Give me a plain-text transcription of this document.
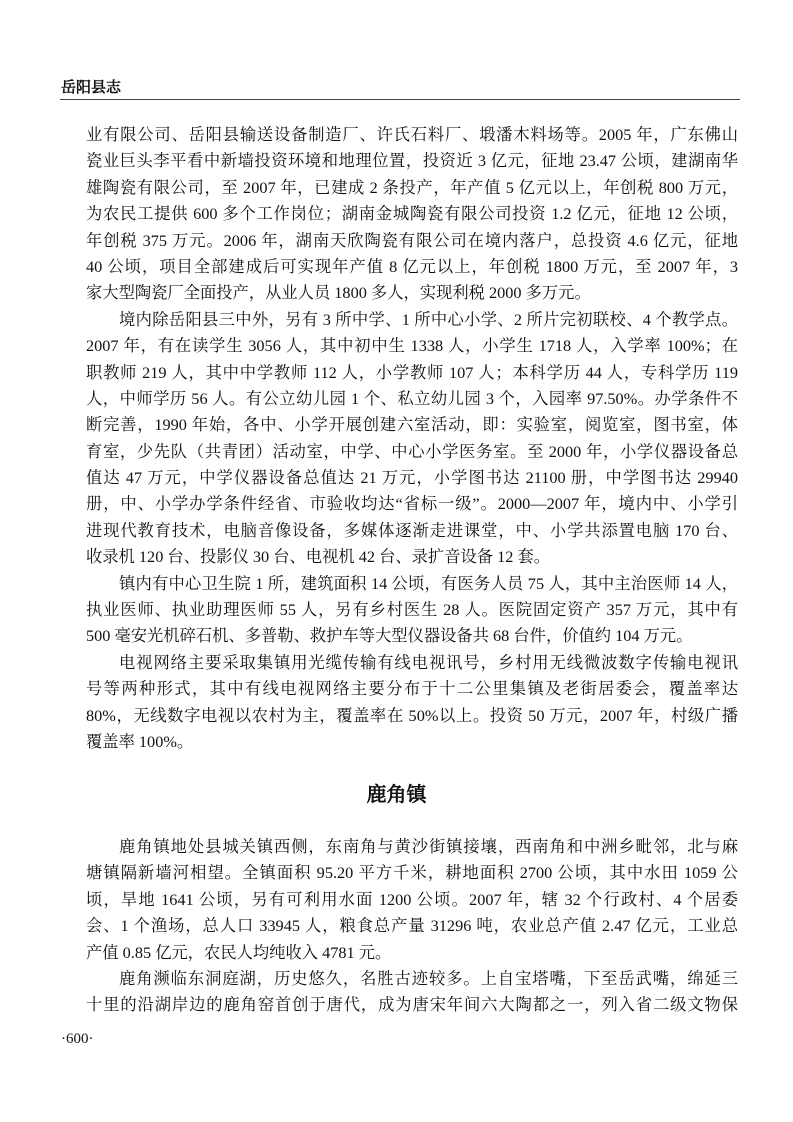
岳阳县志
业有限公司、岳阳县输送设备制造厂、许氏石料厂、塅潘木料场等。2005 年，广东佛山
瓷业巨头李平看中新墙投资环境和地理位置，投资近 3 亿元，征地 23.47 公顷，建湖南华
雄陶瓷有限公司，至 2007 年，已建成 2 条投产，年产值 5 亿元以上，年创税 800 万元，
为农民工提供 600 多个工作岗位；湖南金城陶瓷有限公司投资 1.2 亿元，征地 12 公顷，
年创税 375 万元。2006 年，湖南天欣陶瓷有限公司在境内落户，总投资 4.6 亿元，征地
40 公顷，项目全部建成后可实现年产值 8 亿元以上，年创税 1800 万元，至 2007 年，3
家大型陶瓷厂全面投产，从业人员 1800 多人，实现利税 2000 多万元。
境内除岳阳县三中外，另有 3 所中学、1 所中心小学、2 所片完初联校、4 个教学点。
2007 年，有在读学生 3056 人，其中初中生 1338 人，小学生 1718 人，入学率 100%；在
职教师 219 人，其中中学教师 112 人，小学教师 107 人；本科学历 44 人，专科学历 119
人，中师学历 56 人。有公立幼儿园 1 个、私立幼儿园 3 个，入园率 97.50%。办学条件不
断完善，1990 年始，各中、小学开展创建六室活动，即：实验室，阅览室，图书室，体
育室，少先队（共青团）活动室，中学、中心小学医务室。至 2000 年，小学仪器设备总
值达 47 万元，中学仪器设备总值达 21 万元，小学图书达 21100 册，中学图书达 29940
册，中、小学办学条件经省、市验收均达“省标一级”。2000—2007 年，境内中、小学引
进现代教育技术，电脑音像设备，多媒体逐渐走进课堂，中、小学共添置电脑 170 台、
收录机 120 台、投影仪 30 台、电视机 42 台、录扩音设备 12 套。
镇内有中心卫生院 1 所，建筑面积 14 公顷，有医务人员 75 人，其中主治医师 14 人，
执业医师、执业助理医师 55 人，另有乡村医生 28 人。医院固定资产 357 万元，其中有
500 毫安光机碎石机、多普勒、救护车等大型仪器设备共 68 台件，价值约 104 万元。
电视网络主要采取集镇用光缆传输有线电视讯号，乡村用无线微波数字传输电视讯
号等两种形式，其中有线电视网络主要分布于十二公里集镇及老街居委会，覆盖率达
80%，无线数字电视以农村为主，覆盖率在 50%以上。投资 50 万元，2007 年，村级广播
覆盖率 100%。
鹿角镇
鹿角镇地处县城关镇西侧，东南角与黄沙街镇接壤，西南角和中洲乡毗邻，北与麻
塘镇隔新墙河相望。全镇面积 95.20 平方千米，耕地面积 2700 公顷，其中水田 1059 公
顷，旱地 1641 公顷，另有可利用水面 1200 公顷。2007 年，辖 32 个行政村、4 个居委
会、1 个渔场，总人口 33945 人，粮食总产量 31296 吨，农业总产值 2.47 亿元，工业总
产值 0.85 亿元，农民人均纯收入 4781 元。
鹿角濒临东洞庭湖，历史悠久，名胜古迹较多。上自宝塔嘴，下至岳武嘴，绵延三
十里的沿湖岸边的鹿角窑首创于唐代，成为唐宋年间六大陶都之一，列入省二级文物保
·600·
